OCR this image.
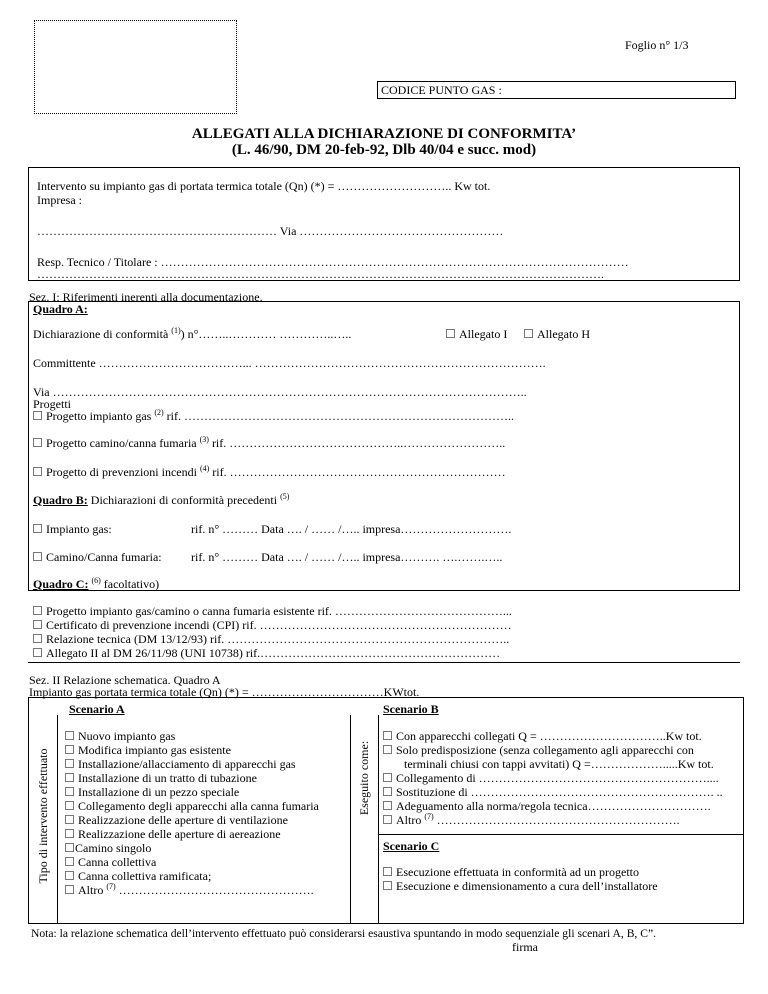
Foglio n° 1/3
CODICE PUNTO GAS :
ALLEGATI ALLA DICHIARAZIONE DI CONFORMITA’
(L. 46/90, DM 20-feb-92, Dlb 40/04 e succ. mod)
Intervento su impianto gas di portata termica totale (Qn) (*) = ……………………….. Kw tot.
Impresa :
…………………………………………………… Via ……………………………………………
Resp. Tecnico / Titolare : ………………………………………………………………………………………………………
…………………………………………………………………………………………………………………………….
Sez. I: Riferimenti inerenti alla documentazione.
Quadro A:
Dichiarazione di conformità $^{(1)}$) n°……..………… …………..…..	Allegato I	Allegato H
Committente ………………………………... ……………………………………………………………….
Via ………………………………………………………………………………………………………..
Progetti
Progetto impianto gas $^{(2)}$ rif. ………………………………………………………………………..
Progetto camino/canna fumaria $^{(3)}$ rif. ……………………………………..……………………..
Progetto di prevenzioni incendi $^{(4)}$ rif. ……………………………………………………………
Quadro B: Dichiarazioni di conformità precedenti $^{(5)}$
Impianto gas:	rif. n° ……… Data …. / …… /….. impresa……………………….
Camino/Canna fumaria: rif. n° ……… Data …. / …… /….. impresa………. ….…….…..
Quadro C: $^{(6)}$ facoltativo)
Progetto impianto gas/camino o canna fumaria esistente rif. ……………………………………...
Certificato di prevenzione incendi (CPI) rif. ………………………………………………………
Relazione tecnica (DM 13/12/93) rif. ……………………………………………………………..
Allegato II al DM 26/11/98 (UNI 10738) rif.……………………………………………………
Sez. II Relazione schematica. Quadro A
Impianto gas portata termica totale (Qn) (*) = ……………………………KWtot.
Tipo di intervento effettuato	Eseguito come:
Scenario A	Scenario B
Nuovo impianto gas
Modifica impianto gas esistente
Installazione/allacciamento di apparecchi gas
Installazione di un tratto di tubazione
Installazione di un pezzo speciale
Collegamento degli apparecchi alla canna fumaria
Realizzazione delle aperture di ventilazione
Realizzazione delle aperture di aereazione
Camino singolo
Canna collettiva
Canna collettiva ramificata;
Altro $^{(7)}$ ………………………………………….
Con apparecchi collegati Q = …………………………..Kw tot.
Solo predisposizione (senza collegamento agli apparecchi con
terminali chiusi con tappi avvitati) Q =……………….....Kw tot.
Collegamento di …………………………………………………....
Sostituzione di ……………………………………………………. ..
Adeguamento alla norma/regola tecnica………………………….
Altro $^{(7)}$ …………………………………………………….
Scenario C
Esecuzione effettuata in conformità ad un progetto
Esecuzione e dimensionamento a cura dell’installatore
Nota: la relazione schematica dell’intervento effettuato può considerarsi esaustiva spuntando in modo sequenziale gli scenari A, B, C”.
firma
